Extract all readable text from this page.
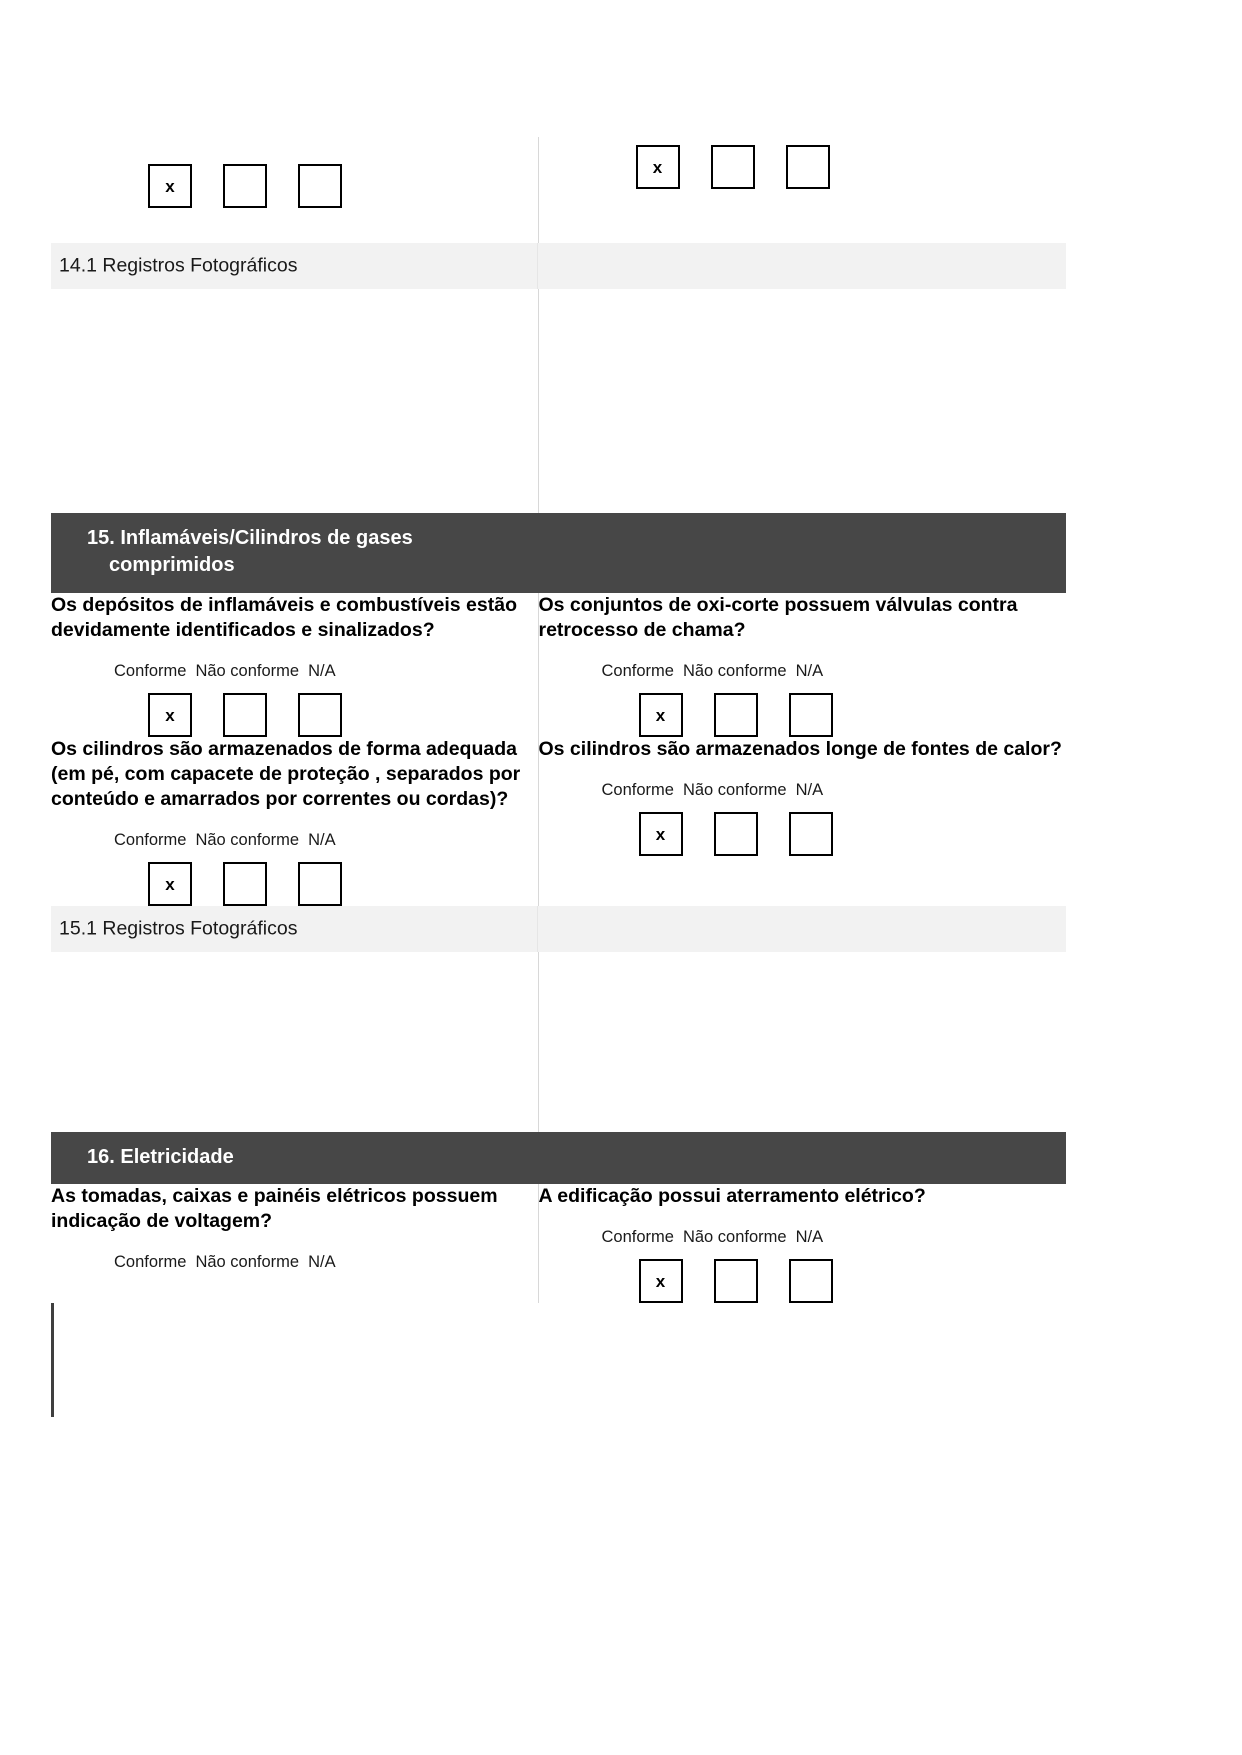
x	x

14.1 Registros Fotográficos	

15. Inflamáveis/Cilindros de gases
comprimidos	

Os depósitos de inflamáveis e combustíveis estão devidamente identificados e sinalizados?

Conforme Não conforme N/A
x

Os conjuntos de oxi-corte possuem válvulas contra retrocesso de chama?

Conforme Não conforme N/A
x

Os cilindros são armazenados de forma adequada (em pé, com capacete de proteção , separados por conteúdo e amarrados por correntes ou cordas)?

Conforme Não conforme N/A
x

Os cilindros são armazenados longe de fontes de calor?

Conforme Não conforme N/A
x

15.1 Registros Fotográficos	

16. Eletricidade	

As tomadas, caixas e painéis elétricos possuem indicação de voltagem?

Conforme Não conforme N/A

A edificação possui aterramento elétrico?

Conforme Não conforme N/A
x
